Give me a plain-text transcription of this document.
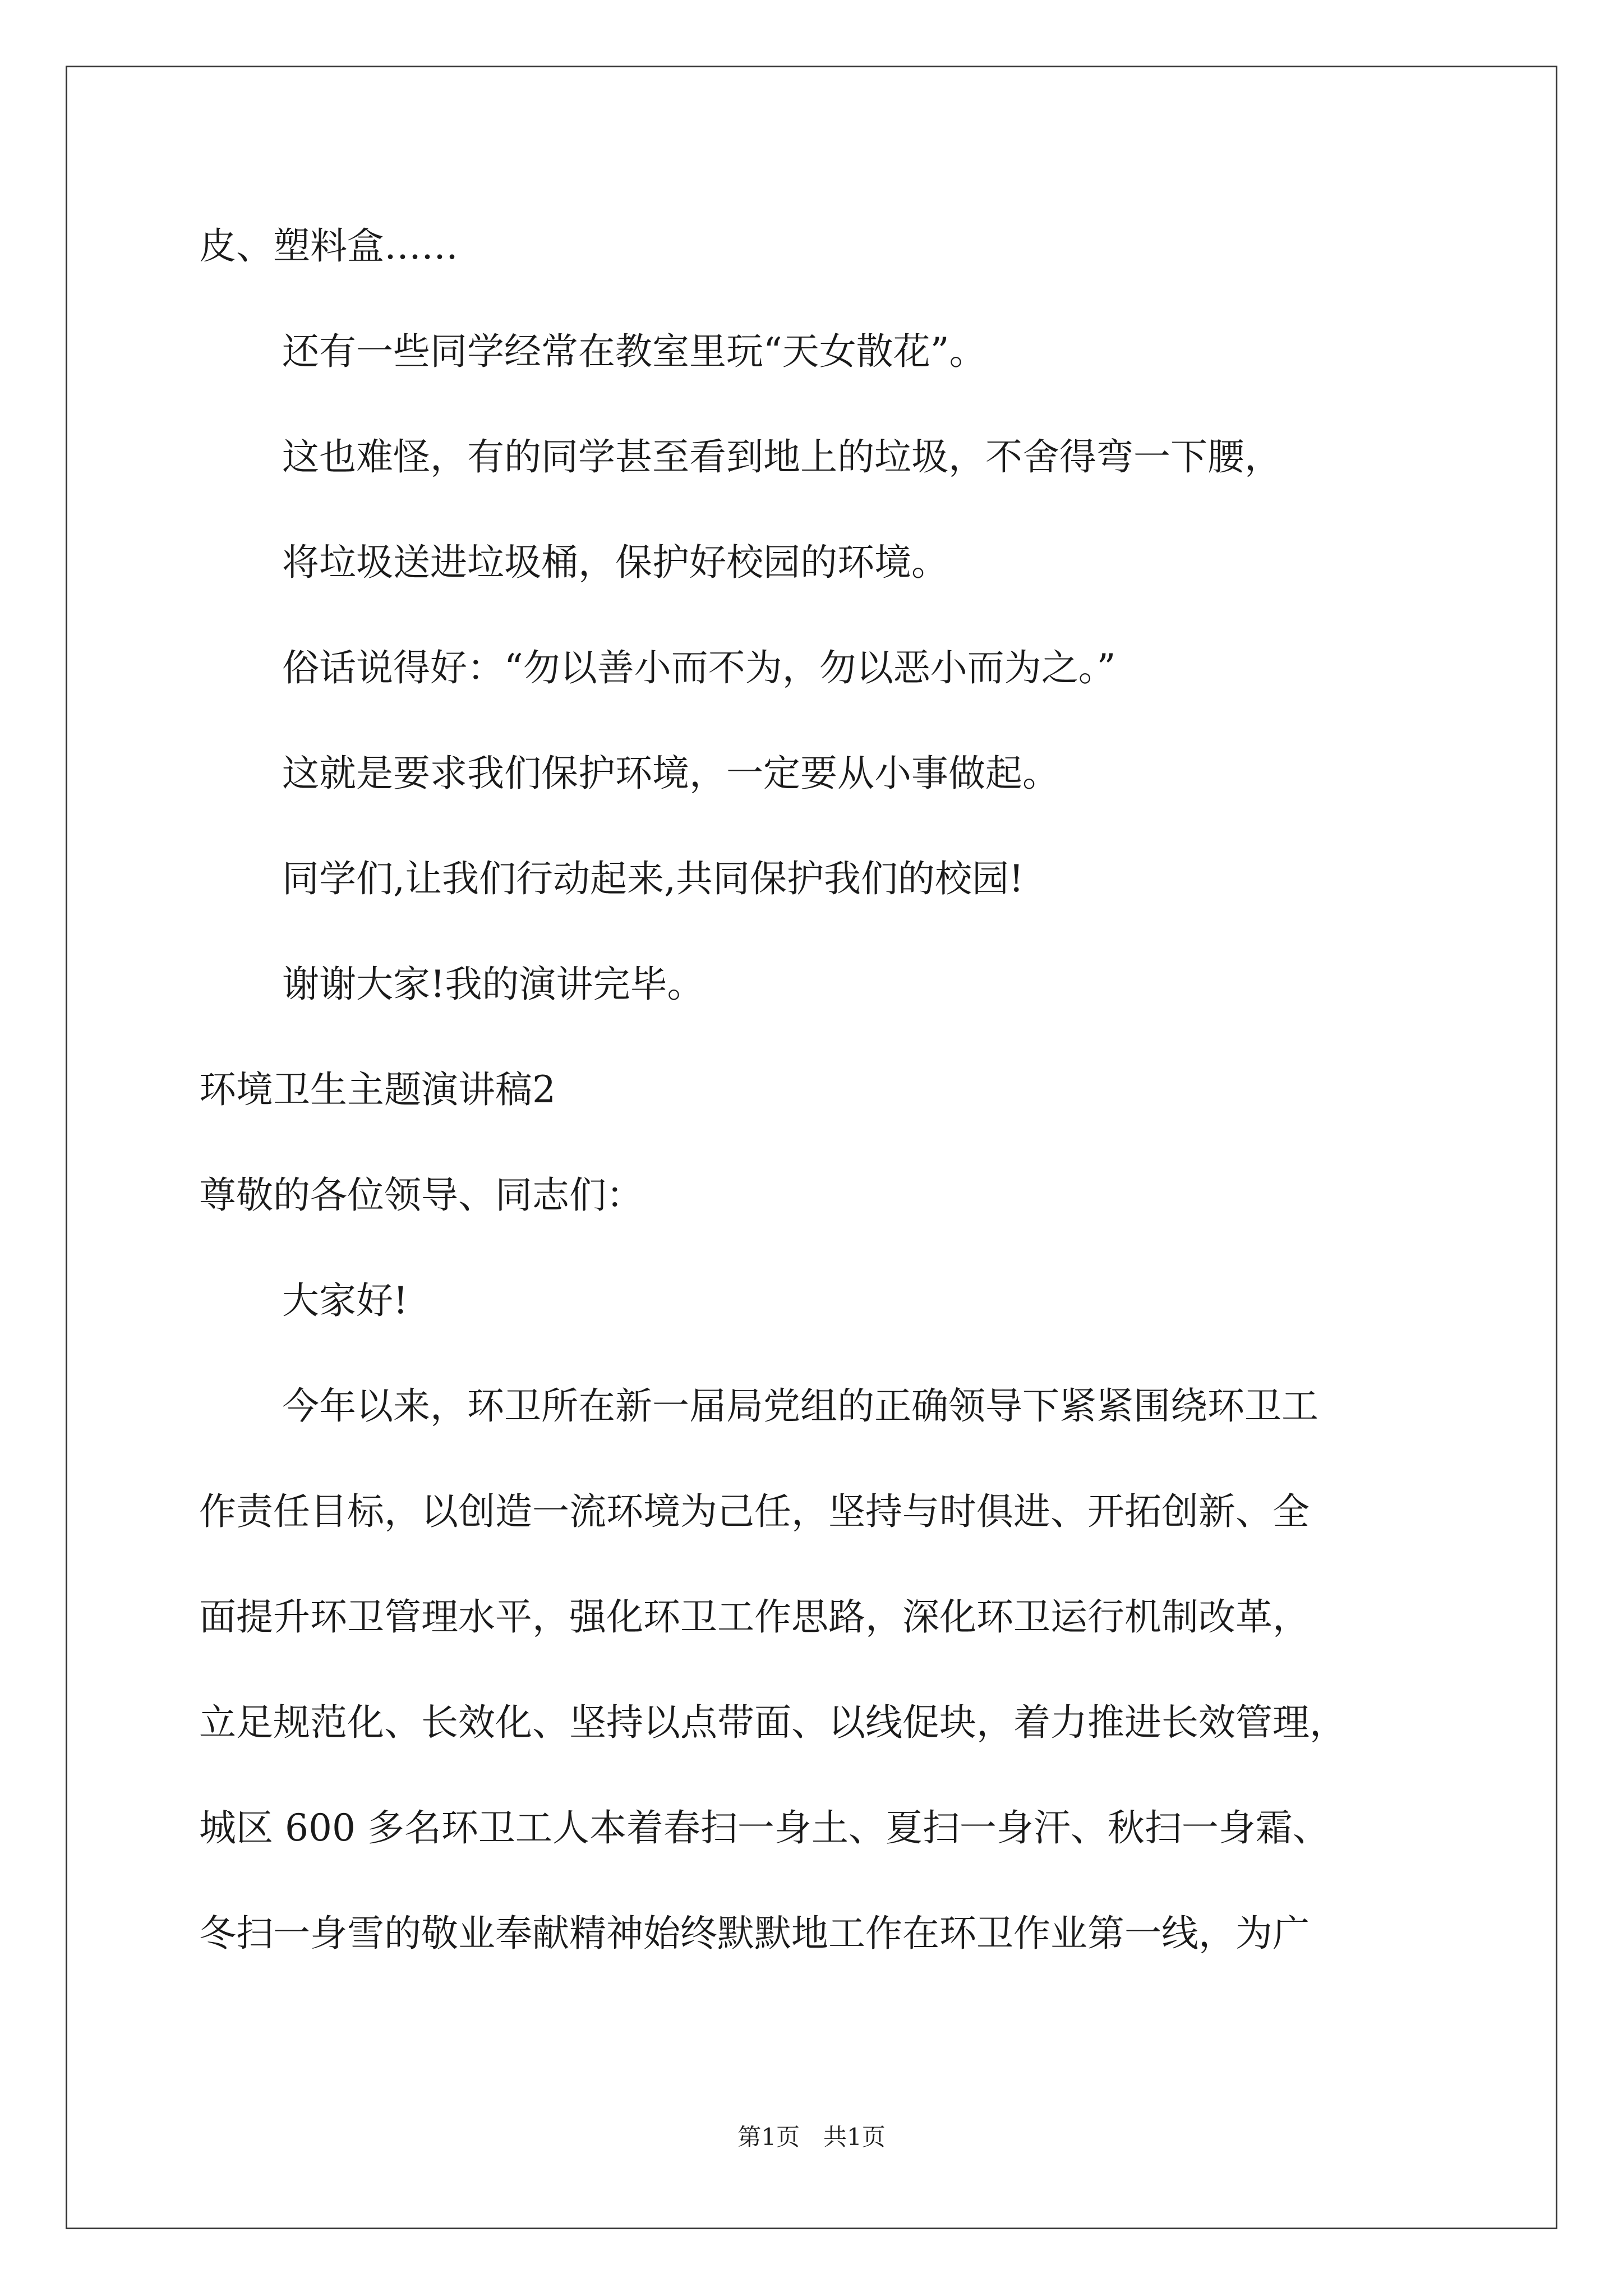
皮、塑料盒……
还有一些同学经常在教室里玩“天女散花”。
这也难怪，有的同学甚至看到地上的垃圾，不舍得弯一下腰，
将垃圾送进垃圾桶，保护好校园的环境。
俗话说得好：“勿以善小而不为，勿以恶小而为之。”
这就是要求我们保护环境，一定要从小事做起。
同学们,让我们行动起来,共同保护我们的校园!
谢谢大家!我的演讲完毕。
环境卫生主题演讲稿2
尊敬的各位领导、同志们：
大家好!
今年以来，环卫所在新一届局党组的正确领导下紧紧围绕环卫工
作责任目标，以创造一流环境为己任，坚持与时俱进、开拓创新、全
面提升环卫管理水平，强化环卫工作思路，深化环卫运行机制改革，
立足规范化、长效化、坚持以点带面、以线促块，着力推进长效管理，
城区 600 多名环卫工人本着春扫一身土、夏扫一身汗、秋扫一身霜、
冬扫一身雪的敬业奉献精神始终默默地工作在环卫作业第一线，为广
第1页　共1页
